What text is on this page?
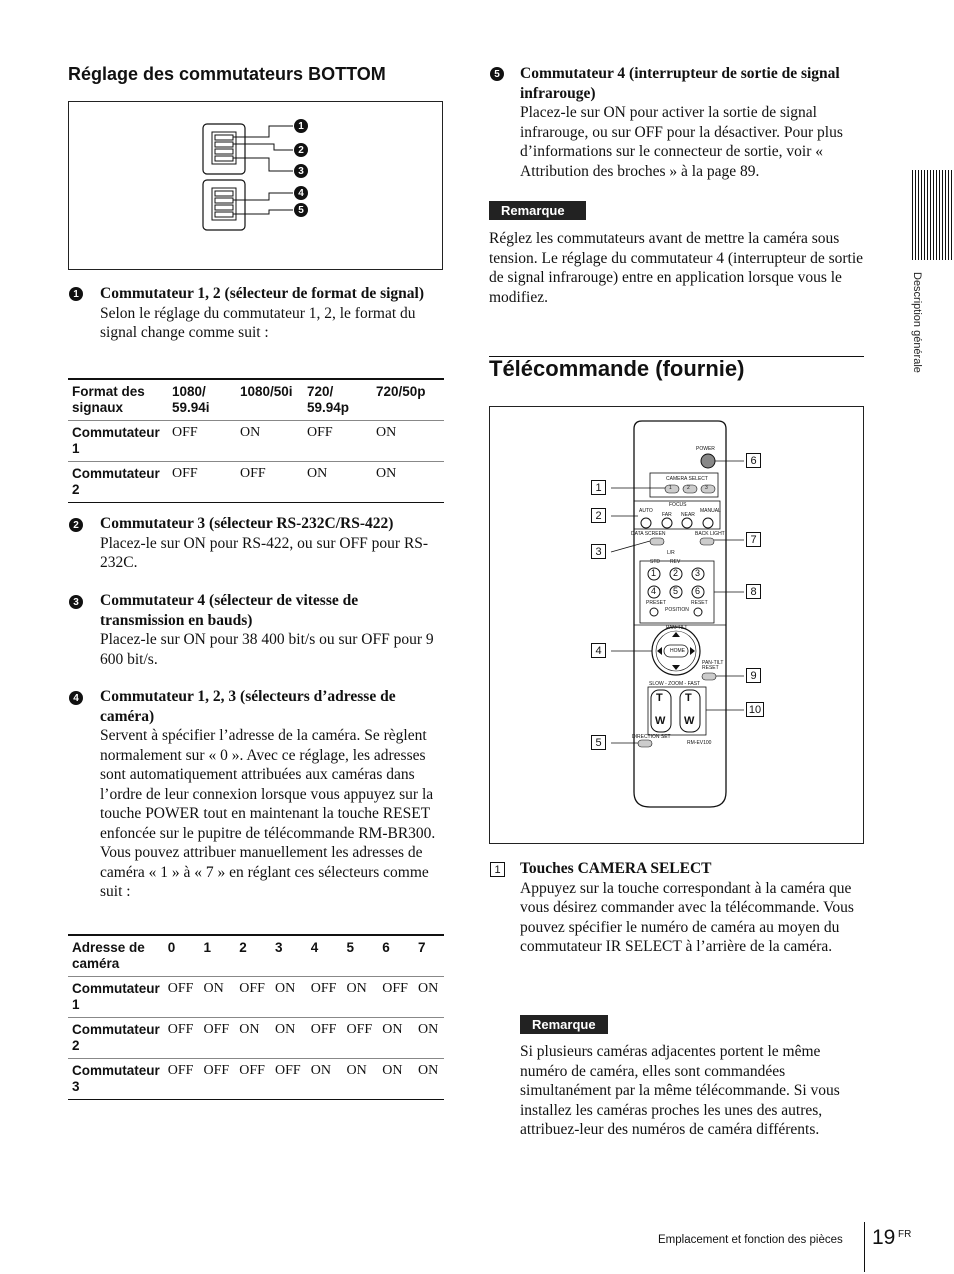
Réglage des commutateurs BOTTOM
1
2
3
4
5
1 Commutateur 1, 2 (sélecteur de format de signal)
Selon le réglage du commutateur 1, 2, le format du signal change comme suit :
Format des signaux	1080/ 59.94i	1080/50i	720/ 59.94p	720/50p
Commutateur 1	OFF	ON	OFF	ON
Commutateur 2	OFF	OFF	ON	ON
2 Commutateur 3 (sélecteur RS-232C/RS-422)
Placez-le sur ON pour RS-422, ou sur OFF pour RS-232C.
3 Commutateur 4 (sélecteur de vitesse de transmission en bauds)
Placez-le sur ON pour 38 400 bit/s ou sur OFF pour 9 600 bit/s.
4 Commutateur 1, 2, 3 (sélecteurs d’adresse de caméra)
Servent à spécifier l’adresse de la caméra. Se règlent normalement sur « 0 ». Avec ce réglage, les adresses sont automatiquement attribuées aux caméras dans l’ordre de leur connexion lorsque vous appuyez sur la touche POWER tout en maintenant la touche RESET enfoncée sur le pupitre de télécommande RM-BR300. Vous pouvez attribuer manuellement les adresses de caméra « 1 » à « 7 » en réglant ces sélecteurs comme suit :
Adresse de caméra	0	1	2	3	4	5	6	7
Commutateur 1	OFF	ON	OFF	ON	OFF	ON	OFF	ON
Commutateur 2	OFF	OFF	ON	ON	OFF	OFF	ON	ON
Commutateur 3	OFF	OFF	OFF	OFF	ON	ON	ON	ON
5 Commutateur 4 (interrupteur de sortie de signal infrarouge)
Placez-le sur ON pour activer la sortie de signal infrarouge, ou sur OFF pour la désactiver. Pour plus d’informations sur le connecteur de sortie, voir « Attribution des broches » à la page 89.
Remarque
Réglez les commutateurs avant de mettre la caméra sous tension. Le réglage du commutateur 4 (interrupteur de sortie de signal infrarouge) entre en application lorsque vous le modifiez.
Télécommande (fournie)
POWER
CAMERA SELECT
1	2	3
FOCUS
AUTO	MANUAL
FAR NEAR
DATA SCREEN	BACK LIGHT
L/R
STD REV
1 2 3
4 5 6
PRESET	RESET
POSITION
PAN-TILT
HOME
PAN-TILT RESET
SLOW - ZOOM - FAST
T T
W W
DIRECTION SET
RM-EV100
1
2
3
4
5
6
7
8
9
10
1 Touches CAMERA SELECT
Appuyez sur la touche correspondant à la caméra que vous désirez commander avec la télécommande. Vous pouvez spécifier le numéro de caméra au moyen du commutateur IR SELECT à l’arrière de la caméra.
Remarque
Si plusieurs caméras adjacentes portent le même numéro de caméra, elles sont commandées simultanément par la même télécommande. Si vous installez les caméras proches les unes des autres, attribuez-leur des numéros de caméra différents.
Description générale
Emplacement et fonction des pièces 19 FR
